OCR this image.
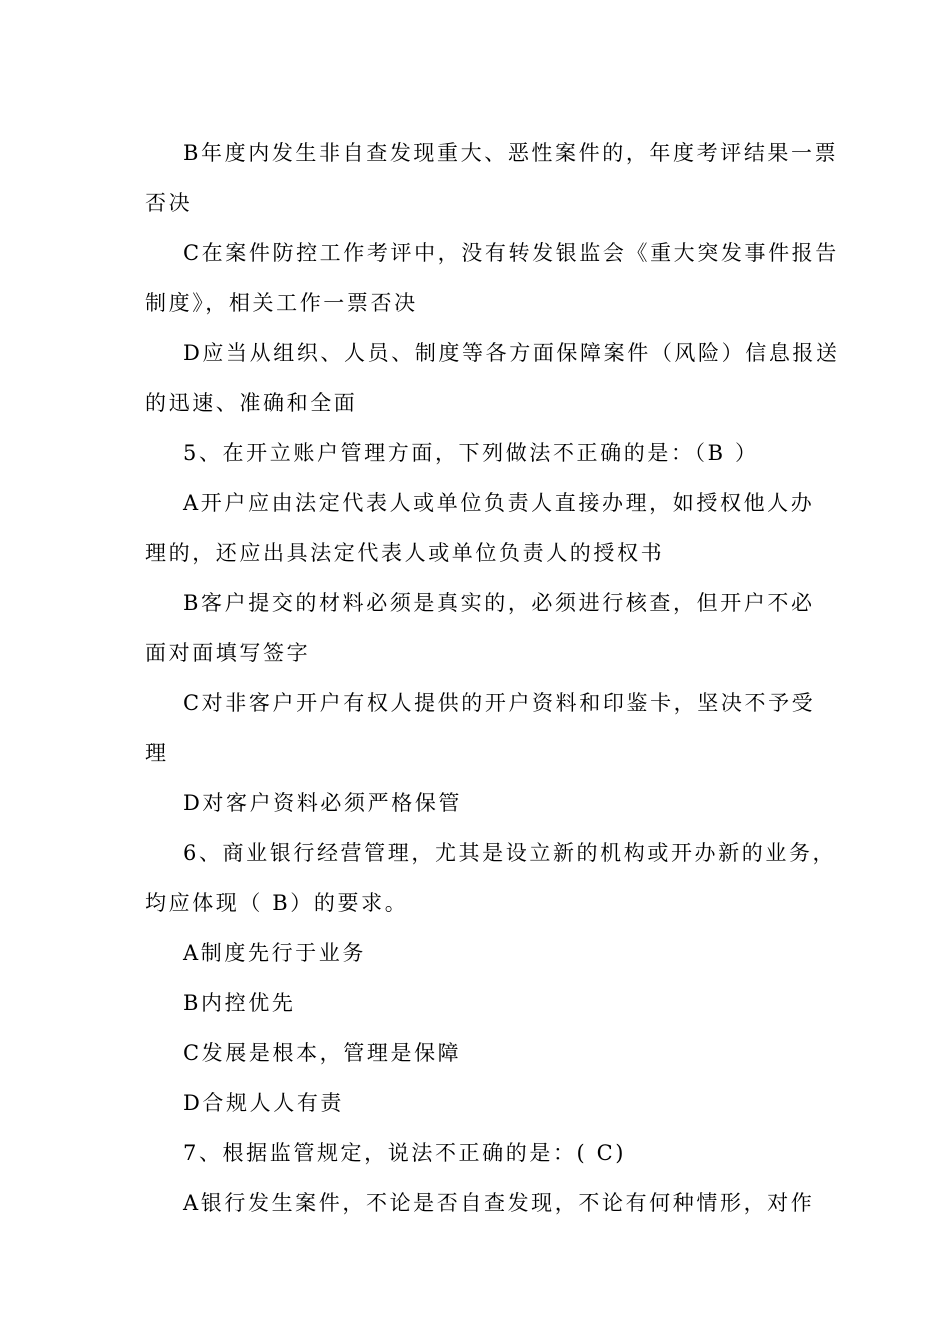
B年度内发生非自查发现重大、恶性案件的，年度考评结果一票
否决

C在案件防控工作考评中，没有转发银监会《重大突发事件报告
制度》，相关工作一票否决

D应当从组织、人员、制度等各方面保障案件（风险）信息报送
的迅速、准确和全面

5、在开立账户管理方面，下列做法不正确的是：（B ）

A开户应由法定代表人或单位负责人直接办理，如授权他人办
理的，还应出具法定代表人或单位负责人的授权书

B客户提交的材料必须是真实的，必须进行核查，但开户不必
面对面填写签字

C对非客户开户有权人提供的开户资料和印鉴卡，坚决不予受
理

D对客户资料必须严格保管

6、商业银行经营管理，尤其是设立新的机构或开办新的业务，
均应体现（ B）的要求。

A制度先行于业务

B内控优先

C发展是根本，管理是保障

D合规人人有责

7、根据监管规定，说法不正确的是：( C)

A银行发生案件，不论是否自查发现，不论有何种情形，对作
